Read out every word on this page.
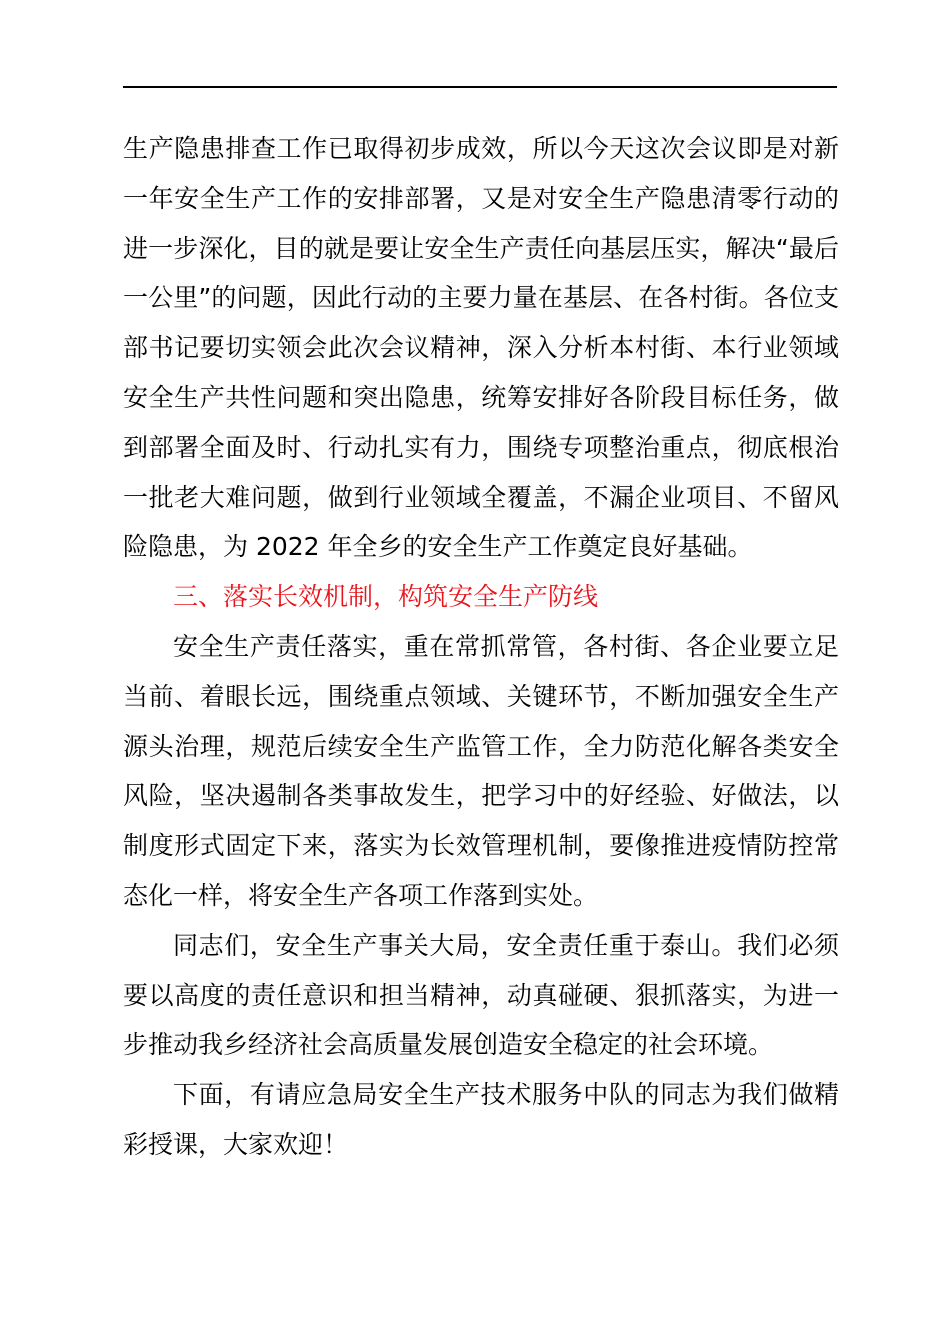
生产隐患排查工作已取得初步成效，所以今天这次会议即是对新一年安全生产工作的安排部署，又是对安全生产隐患清零行动的进一步深化，目的就是要让安全生产责任向基层压实，解决“最后一公里”的问题，因此行动的主要力量在基层、在各村街。各位支部书记要切实领会此次会议精神，深入分析本村街、本行业领域安全生产共性问题和突出隐患，统筹安排好各阶段目标任务，做到部署全面及时、行动扎实有力，围绕专项整治重点，彻底根治一批老大难问题，做到行业领域全覆盖，不漏企业项目、不留风险隐患，为 2022 年全乡的安全生产工作奠定良好基础。

三、落实长效机制，构筑安全生产防线

安全生产责任落实，重在常抓常管，各村街、各企业要立足当前、着眼长远，围绕重点领域、关键环节，不断加强安全生产源头治理，规范后续安全生产监管工作，全力防范化解各类安全风险，坚决遏制各类事故发生，把学习中的好经验、好做法，以制度形式固定下来，落实为长效管理机制，要像推进疫情防控常态化一样，将安全生产各项工作落到实处。

同志们，安全生产事关大局，安全责任重于泰山。我们必须要以高度的责任意识和担当精神，动真碰硬、狠抓落实，为进一步推动我乡经济社会高质量发展创造安全稳定的社会环境。

下面，有请应急局安全生产技术服务中队的同志为我们做精彩授课，大家欢迎！
